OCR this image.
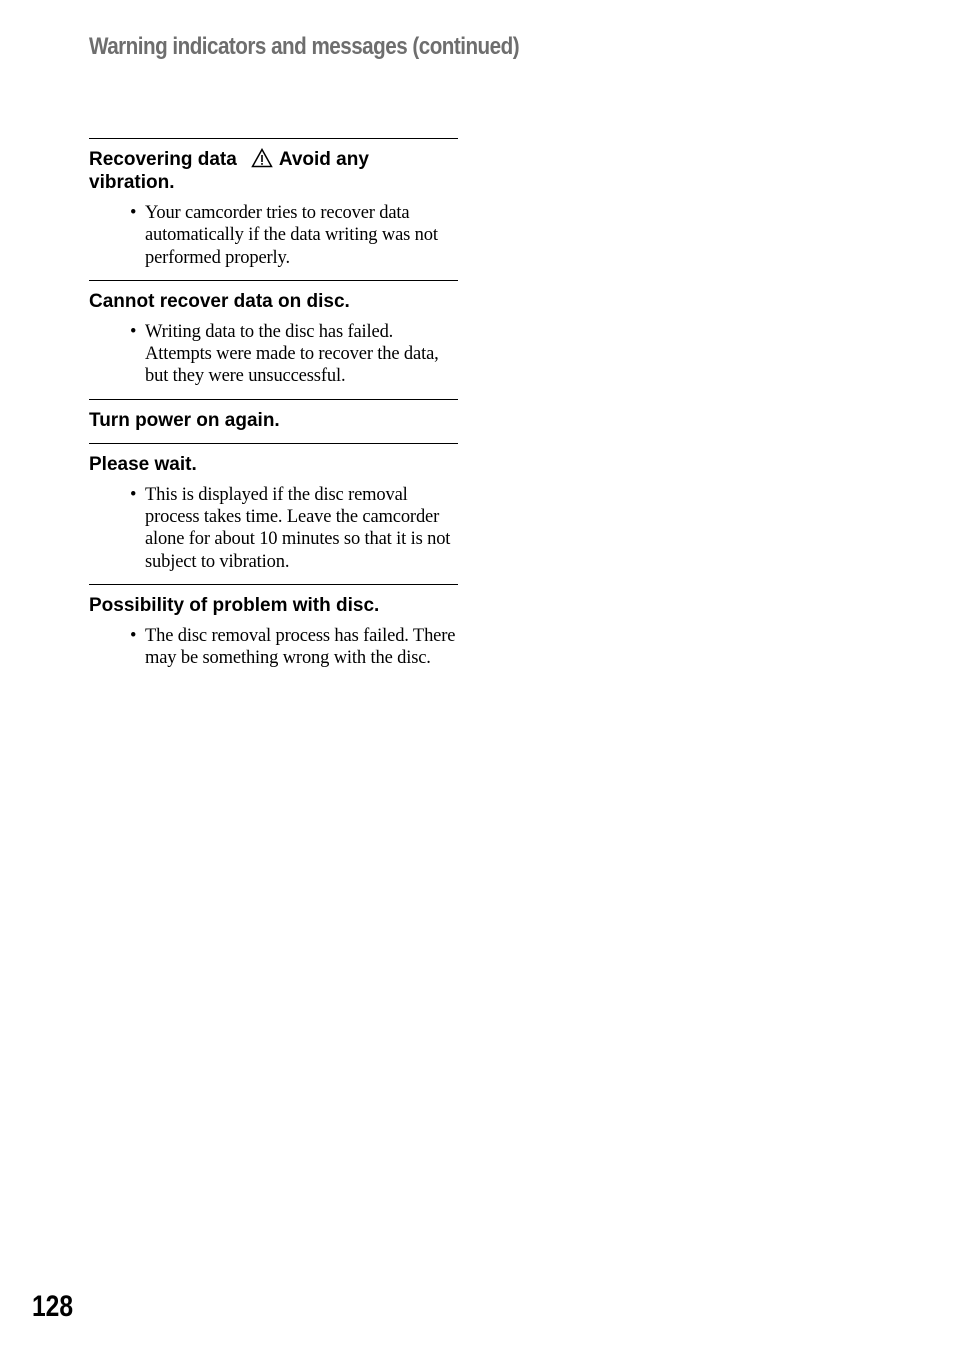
Warning indicators and messages (continued)

Recovering data Avoid any vibration.

• Your camcorder tries to recover data automatically if the data writing was not performed properly.

Cannot recover data on disc.

• Writing data to the disc has failed. Attempts were made to recover the data, but they were unsuccessful.

Turn power on again.

Please wait.

• This is displayed if the disc removal process takes time. Leave the camcorder alone for about 10 minutes so that it is not subject to vibration.

Possibility of problem with disc.

• The disc removal process has failed. There may be something wrong with the disc.
128
